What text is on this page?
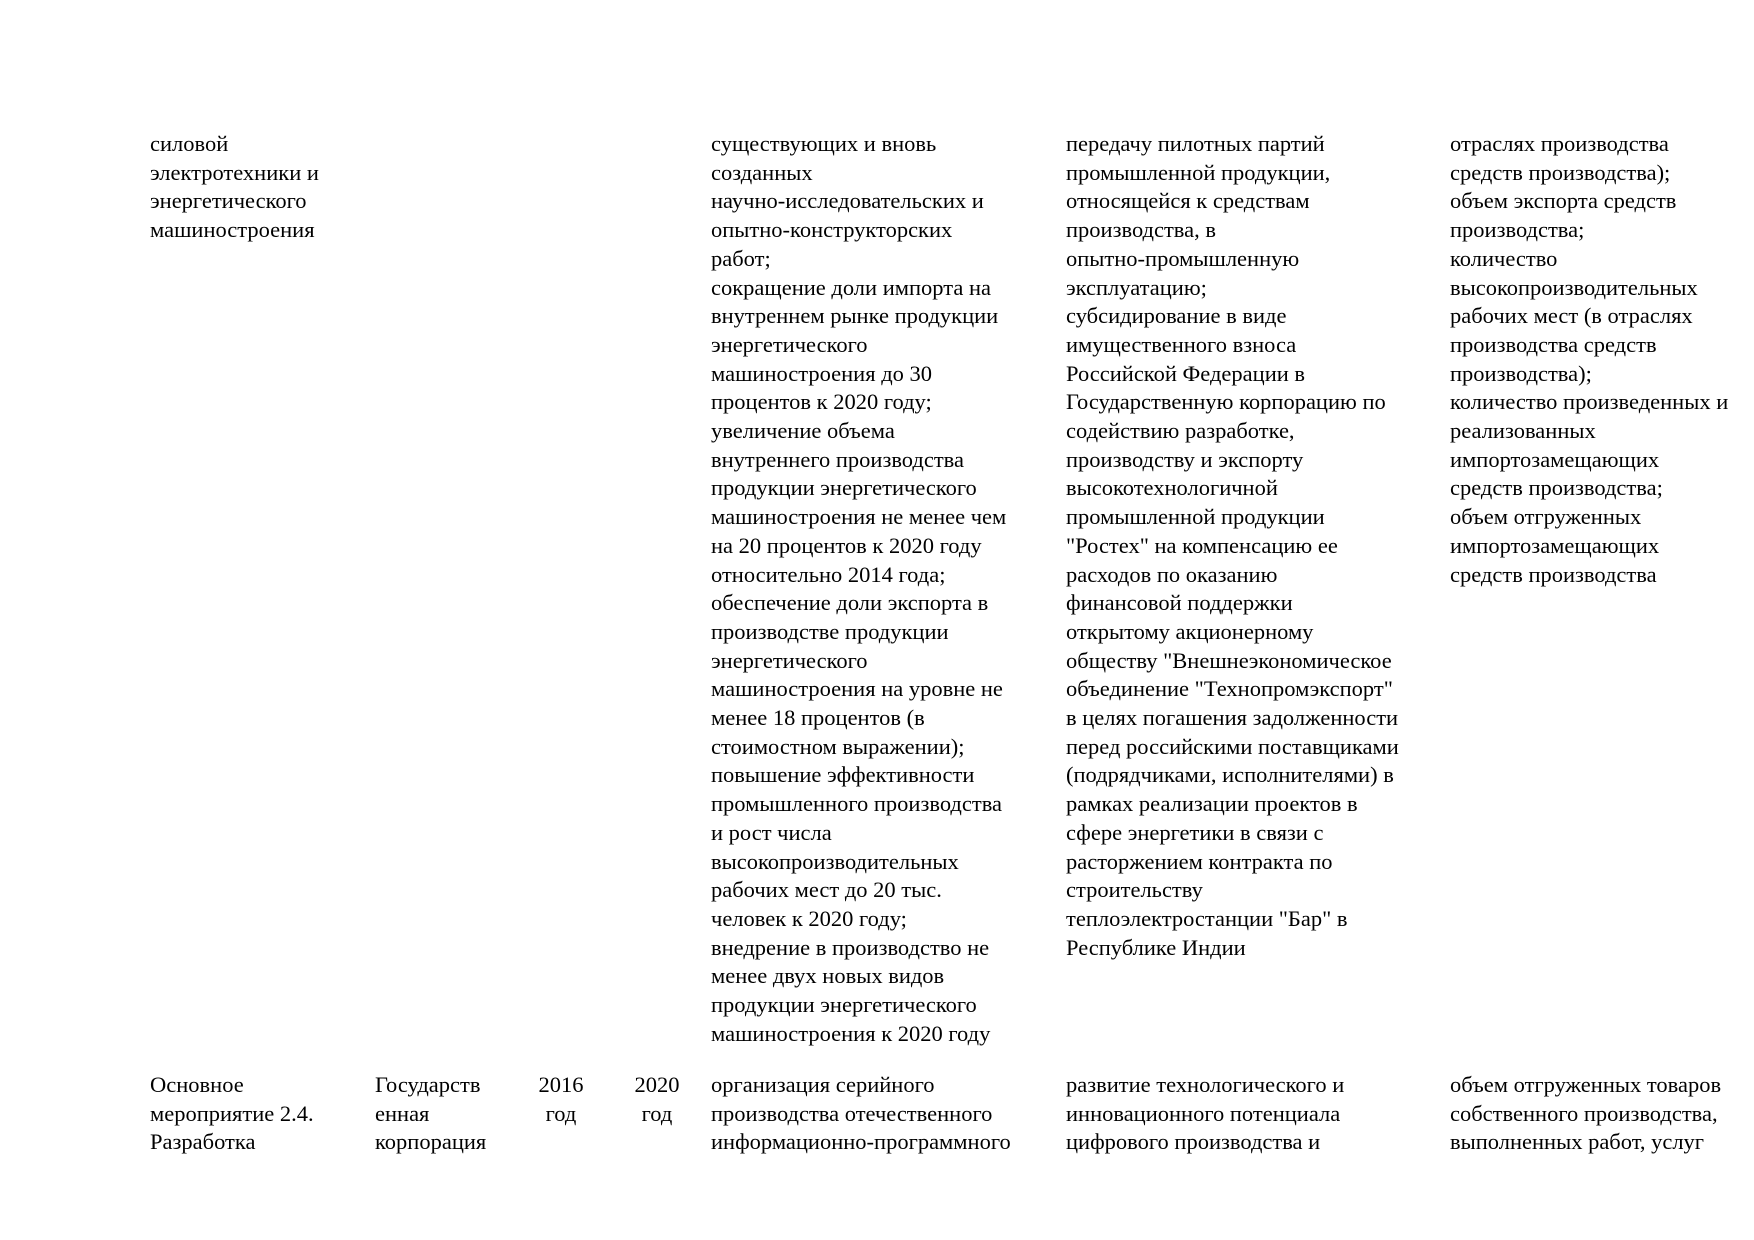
силовой
электротехники и
энергетического
машиностроения
существующих и вновь
созданных
научно-исследовательских и
опытно-конструкторских
работ;
сокращение доли импорта на
внутреннем рынке продукции
энергетического
машиностроения до 30
процентов к 2020 году;
увеличение объема
внутреннего производства
продукции энергетического
машиностроения не менее чем
на 20 процентов к 2020 году
относительно 2014 года;
обеспечение доли экспорта в
производстве продукции
энергетического
машиностроения на уровне не
менее 18 процентов (в
стоимостном выражении);
повышение эффективности
промышленного производства
и рост числа
высокопроизводительных
рабочих мест до 20 тыс.
человек к 2020 году;
внедрение в производство не
менее двух новых видов
продукции энергетического
машиностроения к 2020 году
передачу пилотных партий
промышленной продукции,
относящейся к средствам
производства, в
опытно-промышленную
эксплуатацию;
субсидирование в виде
имущественного взноса
Российской Федерации в
Государственную корпорацию по
содействию разработке,
производству и экспорту
высокотехнологичной
промышленной продукции
"Ростех" на компенсацию ее
расходов по оказанию
финансовой поддержки
открытому акционерному
обществу "Внешнеэкономическое
объединение "Технопромэкспорт"
в целях погашения задолженности
перед российскими поставщиками
(подрядчиками, исполнителями) в
рамках реализации проектов в
сфере энергетики в связи с
расторжением контракта по
строительству
теплоэлектростанции "Бар" в
Республике Индии
отраслях производства
средств производства);
объем экспорта средств
производства;
количество
высокопроизводительных
рабочих мест (в отраслях
производства средств
производства);
количество произведенных и
реализованных
импортозамещающих
средств производства;
объем отгруженных
импортозамещающих
средств производства
Основное
мероприятие 2.4.
Разработка
Государств
енная
корпорация
2016
год
2020
год
организация серийного
производства отечественного
информационно-программного
развитие технологического и
инновационного потенциала
цифрового производства и
объем отгруженных товаров
собственного производства,
выполненных работ, услуг
